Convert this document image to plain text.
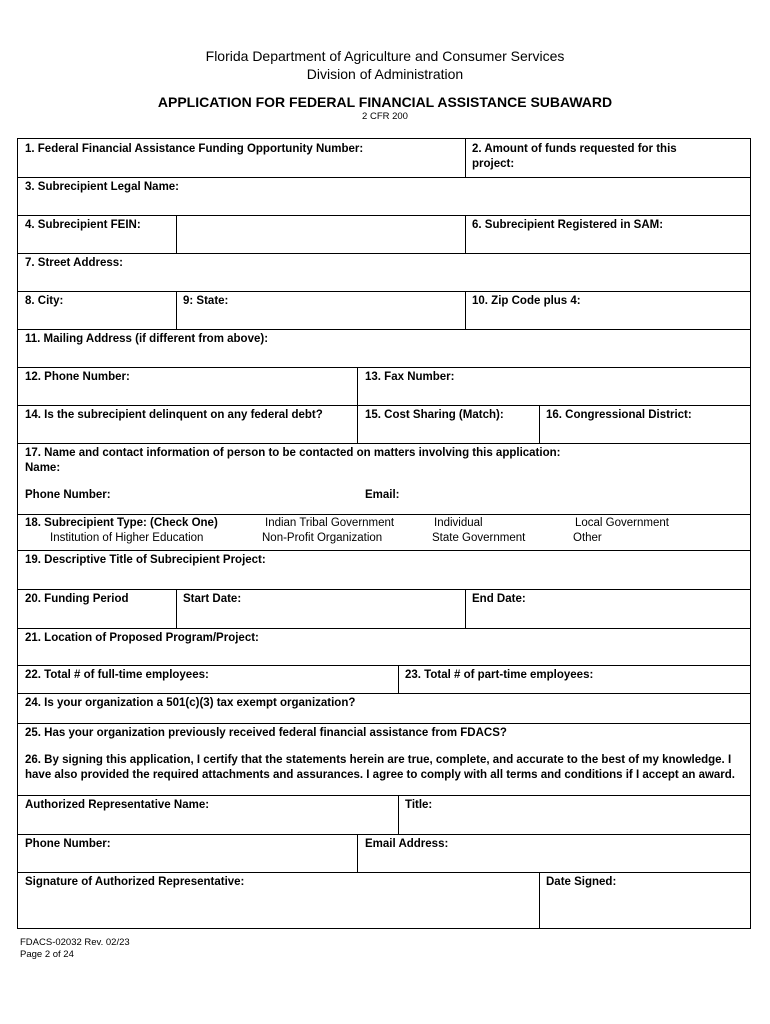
Florida Department of Agriculture and Consumer Services
Division of Administration
APPLICATION FOR FEDERAL FINANCIAL ASSISTANCE SUBAWARD
2 CFR 200
1. Federal Financial Assistance Funding Opportunity Number:	2. Amount of funds requested for this project:
3. Subrecipient Legal Name:
4. Subrecipient FEIN:	6. Subrecipient Registered in SAM:
7. Street Address:
8. City:	9: State:	10. Zip Code plus 4:
11. Mailing Address (if different from above):
12. Phone Number:	13. Fax Number:
14. Is the subrecipient delinquent on any federal debt?	15. Cost Sharing (Match):	16. Congressional District:
17. Name and contact information of person to be contacted on matters involving this application:
Name:
Phone Number:	Email:
18. Subrecipient Type: (Check One)	Indian Tribal Government	Individual	Local Government
Institution of Higher Education	Non-Profit Organization	State Government	Other
19. Descriptive Title of Subrecipient Project:
20. Funding Period	Start Date:	End Date:
21. Location of Proposed Program/Project:
22. Total # of full-time employees:	23. Total # of part-time employees:
24. Is your organization a 501(c)(3) tax exempt organization?
25. Has your organization previously received federal financial assistance from FDACS?
26. By signing this application, I certify that the statements herein are true, complete, and accurate to the best of my knowledge. I have also provided the required attachments and assurances. I agree to comply with all terms and conditions if I accept an award.
Authorized Representative Name:	Title:
Phone Number:	Email Address:
Signature of Authorized Representative:	Date Signed:
FDACS-02032 Rev. 02/23
Page 2 of 24
